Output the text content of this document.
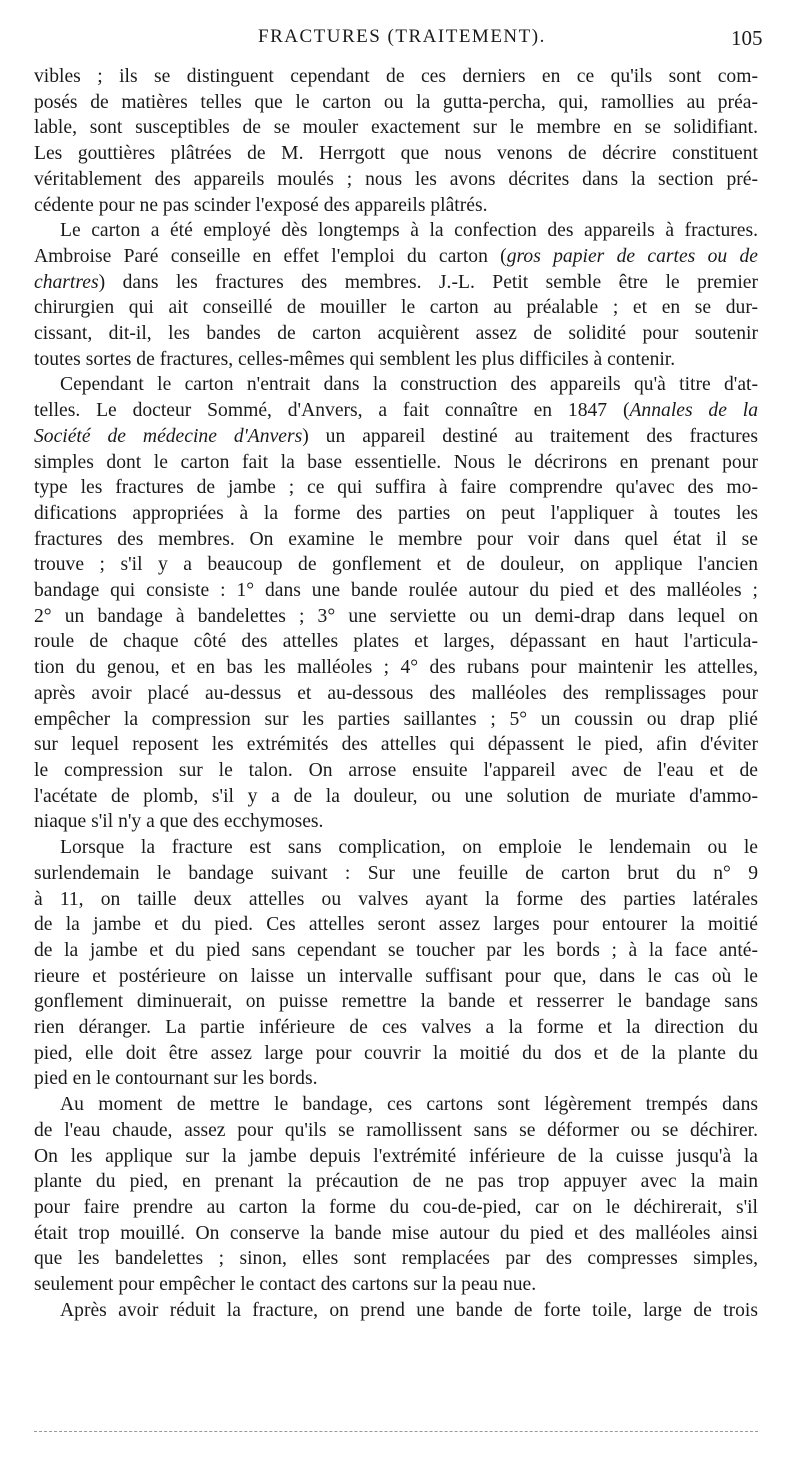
FRACTURES (TRAITEMENT).	105
vibles ; ils se distinguent cependant de ces derniers en ce qu'ils sont com-
posés de matières telles que le carton ou la gutta-percha, qui, ramollies au préa-
lable, sont susceptibles de se mouler exactement sur le membre en se solidifiant.
Les gouttières plâtrées de M. Herrgott que nous venons de décrire constituent
véritablement des appareils moulés ; nous les avons décrites dans la section pré-
cédente pour ne pas scinder l'exposé des appareils plâtrés.
Le carton a été employé dès longtemps à la confection des appareils à fractures.
Ambroise Paré conseille en effet l'emploi du carton (gros papier de cartes ou de
chartres) dans les fractures des membres. J.-L. Petit semble être le premier
chirurgien qui ait conseillé de mouiller le carton au préalable ; et en se dur-
cissant, dit-il, les bandes de carton acquièrent assez de solidité pour soutenir
toutes sortes de fractures, celles-mêmes qui semblent les plus difficiles à contenir.
Cependant le carton n'entrait dans la construction des appareils qu'à titre d'at-
telles. Le docteur Sommé, d'Anvers, a fait connaître en 1847 (Annales de la
Société de médecine d'Anvers) un appareil destiné au traitement des fractures
simples dont le carton fait la base essentielle. Nous le décrirons en prenant pour
type les fractures de jambe ; ce qui suffira à faire comprendre qu'avec des mo-
difications appropriées à la forme des parties on peut l'appliquer à toutes les
fractures des membres. On examine le membre pour voir dans quel état il se
trouve ; s'il y a beaucoup de gonflement et de douleur, on applique l'ancien
bandage qui consiste : 1° dans une bande roulée autour du pied et des malléoles ;
2° un bandage à bandelettes ; 3° une serviette ou un demi-drap dans lequel on
roule de chaque côté des attelles plates et larges, dépassant en haut l'articula-
tion du genou, et en bas les malléoles ; 4° des rubans pour maintenir les attelles,
après avoir placé au-dessus et au-dessous des malléoles des remplissages pour
empêcher la compression sur les parties saillantes ; 5° un coussin ou drap plié
sur lequel reposent les extrémités des attelles qui dépassent le pied, afin d'éviter
le compression sur le talon. On arrose ensuite l'appareil avec de l'eau et de
l'acétate de plomb, s'il y a de la douleur, ou une solution de muriate d'ammo-
niaque s'il n'y a que des ecchymoses.
Lorsque la fracture est sans complication, on emploie le lendemain ou le
surlendemain le bandage suivant : Sur une feuille de carton brut du n° 9
à 11, on taille deux attelles ou valves ayant la forme des parties latérales
de la jambe et du pied. Ces attelles seront assez larges pour entourer la moitié
de la jambe et du pied sans cependant se toucher par les bords ; à la face anté-
rieure et postérieure on laisse un intervalle suffisant pour que, dans le cas où le
gonflement diminuerait, on puisse remettre la bande et resserrer le bandage sans
rien déranger. La partie inférieure de ces valves a la forme et la direction du
pied, elle doit être assez large pour couvrir la moitié du dos et de la plante du
pied en le contournant sur les bords.
Au moment de mettre le bandage, ces cartons sont légèrement trempés dans
de l'eau chaude, assez pour qu'ils se ramollissent sans se déformer ou se déchirer.
On les applique sur la jambe depuis l'extrémité inférieure de la cuisse jusqu'à la
plante du pied, en prenant la précaution de ne pas trop appuyer avec la main
pour faire prendre au carton la forme du cou-de-pied, car on le déchirerait, s'il
était trop mouillé. On conserve la bande mise autour du pied et des malléoles ainsi
que les bandelettes ; sinon, elles sont remplacées par des compresses simples,
seulement pour empêcher le contact des cartons sur la peau nue.
Après avoir réduit la fracture, on prend une bande de forte toile, large de trois
